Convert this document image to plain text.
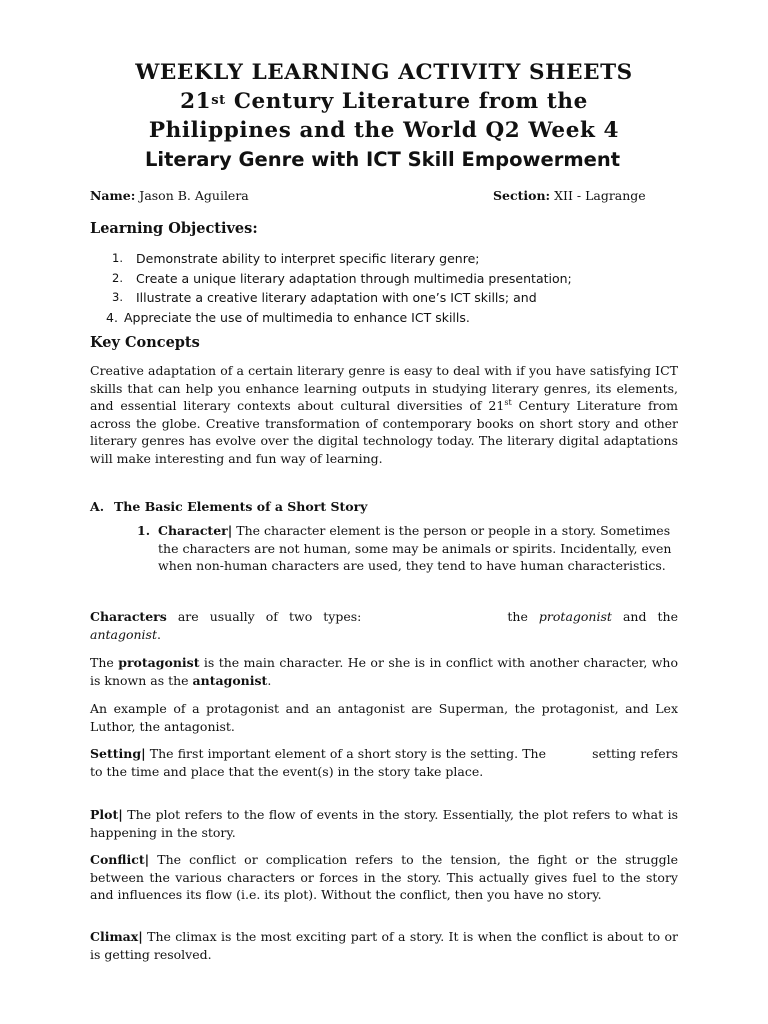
WEEKLY LEARNING ACTIVITY SHEETS
21st Century Literature from the
Philippines and the World Q2 Week 4
Literary Genre with ICT Skill Empowerment
Name: Jason B. Aguilera	Section: XII - Lagrange
Learning Objectives:
1.	Demonstrate ability to interpret specific literary genre;
2.	Create a unique literary adaptation through multimedia presentation;
3.	Illustrate a creative literary adaptation with one’s ICT skills; and
4. Appreciate the use of multimedia to enhance ICT skills.
Key Concepts
Creative adaptation of a certain literary genre is easy to deal with if you have satisfying ICT skills that can help you enhance learning outputs in studying literary genres, its elements, and essential literary contexts about cultural diversities of 21st Century Literature from across the globe. Creative transformation of contemporary books on short story and other literary genres has evolve over the digital technology today. The literary digital adaptations will make interesting and fun way of learning.
A. The Basic Elements of a Short Story
1. Character| The character element is the person or people in a story. Sometimes the characters are not human, some may be animals or spirits. Incidentally, even when non-human characters are used, they tend to have human characteristics.
Characters are usually of two types:	the protagonist and the antagonist.
The protagonist is the main character. He or she is in conflict with another character, who is known as the antagonist.
An example of a protagonist and an antagonist are Superman, the protagonist, and Lex Luthor, the antagonist.
Setting| The first important element of a short story is the setting. The	setting refers to the time and place that the event(s) in the story take place.
Plot| The plot refers to the flow of events in the story. Essentially, the plot refers to what is happening in the story.
Conflict| The conflict or complication refers to the tension, the fight or the struggle between the various characters or forces in the story. This actually gives fuel to the story and influences its flow (i.e. its plot). Without the conflict, then you have no story.
Climax| The climax is the most exciting part of a story. It is when the conflict is about to or is getting resolved.
